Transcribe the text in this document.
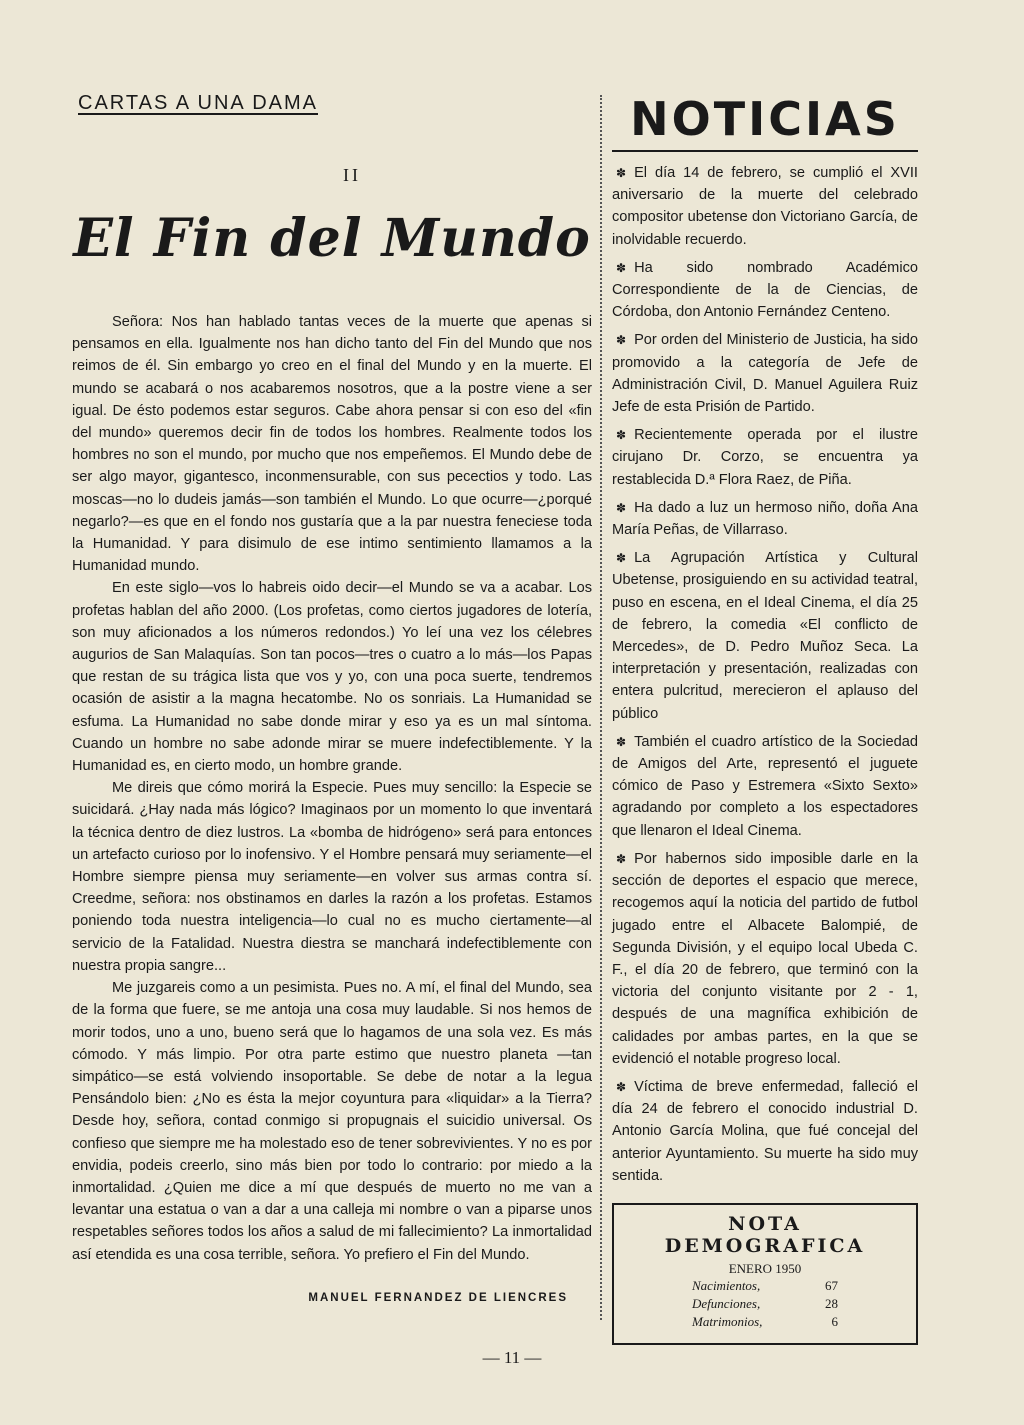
CARTAS A UNA DAMA
II
El Fin del Mundo

Señora: Nos han hablado tantas veces de la muerte que apenas si pensamos en ella. Igualmente nos han dicho tanto del Fin del Mundo que nos reimos de él. Sin embargo yo creo en el final del Mundo y en la muerte. El mundo se acabará o nos acabaremos nosotros, que a la postre viene a ser igual. De ésto podemos estar seguros. Cabe ahora pensar si con eso del «fin del mundo» queremos decir fin de todos los hombres. Realmente todos los hombres no son el mundo, por mucho que nos empeñemos. El Mundo debe de ser algo mayor, gigantesco, inconmensurable, con sus pecectios y todo. Las moscas—no lo dudeis jamás—son también el Mundo. Lo que ocurre—¿porqué negarlo?—es que en el fondo nos gustaría que a la par nuestra feneciese toda la Humanidad. Y para disimulo de ese intimo sentimiento llamamos a la Humanidad mundo.

En este siglo—vos lo habreis oido decir—el Mundo se va a acabar. Los profetas hablan del año 2000. (Los profetas, como ciertos jugadores de lotería, son muy aficionados a los números redondos.) Yo leí una vez los célebres augurios de San Malaquías. Son tan pocos—tres o cuatro a lo más—los Papas que restan de su trágica lista que vos y yo, con una poca suerte, tendremos ocasión de asistir a la magna hecatombe. No os sonriais. La Humanidad se esfuma. La Humanidad no sabe donde mirar y eso ya es un mal síntoma. Cuando un hombre no sabe adonde mirar se muere indefectiblemente. Y la Humanidad es, en cierto modo, un hombre grande.

Me direis que cómo morirá la Especie. Pues muy sencillo: la Especie se suicidará. ¿Hay nada más lógico? Imaginaos por un momento lo que inventará la técnica dentro de diez lustros. La «bomba de hidrógeno» será para entonces un artefacto curioso por lo inofensivo. Y el Hombre pensará muy seriamente—el Hombre siempre piensa muy seriamente—en volver sus armas contra sí. Creedme, señora: nos obstinamos en darles la razón a los profetas. Estamos poniendo toda nuestra inteligencia—lo cual no es mucho ciertamente—al servicio de la Fatalidad. Nuestra diestra se manchará indefectiblemente con nuestra propia sangre...

Me juzgareis como a un pesimista. Pues no. A mí, el final del Mundo, sea de la forma que fuere, se me antoja una cosa muy laudable. Si nos hemos de morir todos, uno a uno, bueno será que lo hagamos de una sola vez. Es más cómodo. Y más limpio. Por otra parte estimo que nuestro planeta —tan simpático—se está volviendo insoportable. Se debe de notar a la legua Pensándolo bien: ¿No es ésta la mejor coyuntura para «liquidar» a la Tierra? Desde hoy, señora, contad conmigo si propugnais el suicidio universal. Os confieso que siempre me ha molestado eso de tener sobrevivientes. Y no es por envidia, podeis creerlo, sino más bien por todo lo contrario: por miedo a la inmortalidad. ¿Quien me dice a mí que después de muerto no me van a levantar una estatua o van a dar a una calleja mi nombre o van a piparse unos respetables señores todos los años a salud de mi fallecimiento? La inmortalidad así etendida es una cosa terrible, señora. Yo prefiero el Fin del Mundo.

MANUEL FERNANDEZ DE LIENCRES
NOTICIAS

✽ El día 14 de febrero, se cumplió el XVII aniversario de la muerte del celebrado compositor ubetense don Victoriano García, de inolvidable recuerdo.

✽ Ha sido nombrado Académico Correspondiente de la de Ciencias, de Córdoba, don Antonio Fernández Centeno.

✽ Por orden del Ministerio de Justicia, ha sido promovido a la categoría de Jefe de Administración Civil, D. Manuel Aguilera Ruiz Jefe de esta Prisión de Partido.

✽ Recientemente operada por el ilustre cirujano Dr. Corzo, se encuentra ya restablecida D.ª Flora Raez, de Piña.

✽ Ha dado a luz un hermoso niño, doña Ana María Peñas, de Villarraso.

✽ La Agrupación Artística y Cultural Ubetense, prosiguiendo en su actividad teatral, puso en escena, en el Ideal Cinema, el día 25 de febrero, la comedia «El conflicto de Mercedes», de D. Pedro Muñoz Seca. La interpretación y presentación, realizadas con entera pulcritud, merecieron el aplauso del público

✽ También el cuadro artístico de la Sociedad de Amigos del Arte, representó el juguete cómico de Paso y Estremera «Sixto Sexto» agradando por completo a los espectadores que llenaron el Ideal Cinema.

✽ Por habernos sido imposible darle en la sección de deportes el espacio que merece, recogemos aquí la noticia del partido de futbol jugado entre el Albacete Balompié, de Segunda División, y el equipo local Ubeda C. F., el día 20 de febrero, que terminó con la victoria del conjunto visitante por 2 - 1, después de una magnífica exhibición de calidades por ambas partes, en la que se evidenció el notable progreso local.

✽ Víctima de breve enfermedad, falleció el día 24 de febrero el conocido industrial D. Antonio García Molina, que fué concejal del anterior Ayuntamiento. Su muerte ha sido muy sentida.

NOTA DEMOGRAFICA
ENERO 1950
Nacimientos,	67
Defunciones,	28
Matrimonios,	6
— 11 —
